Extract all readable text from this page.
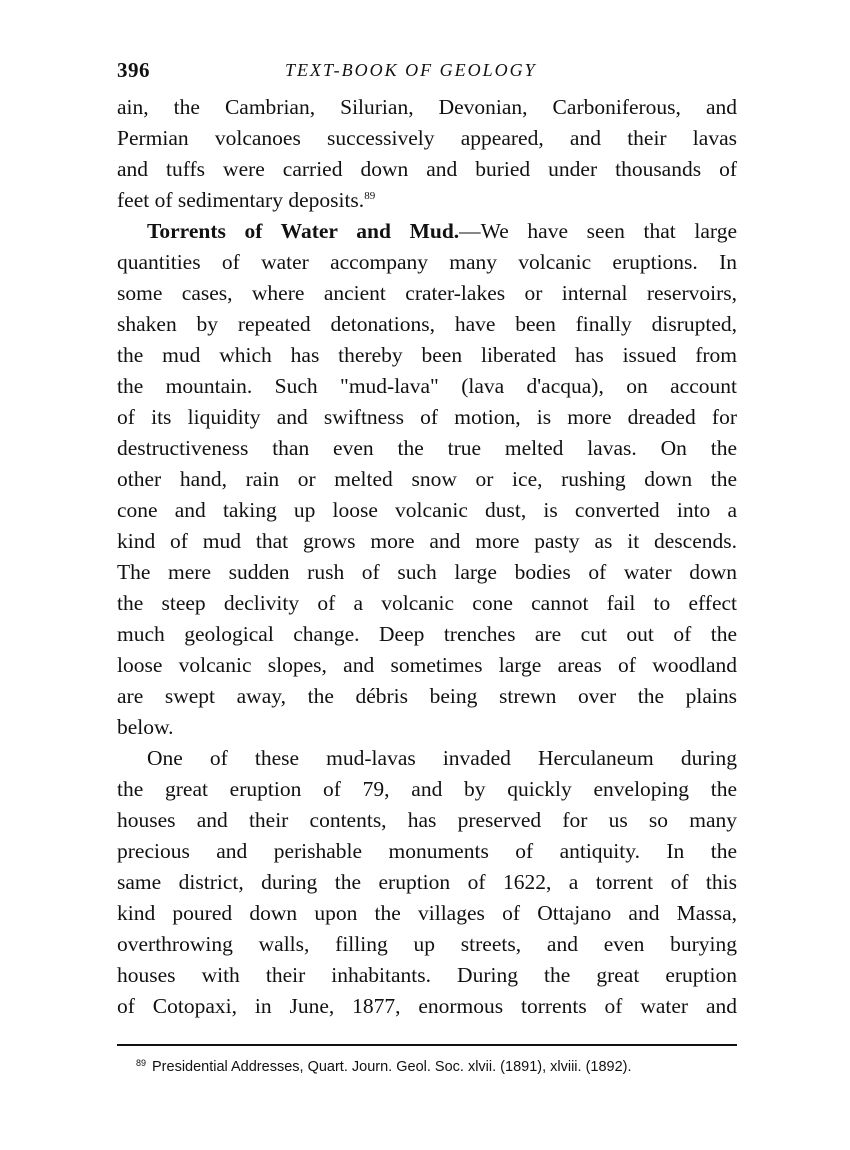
396	TEXT-BOOK OF GEOLOGY
ain, the Cambrian, Silurian, Devonian, Carboniferous, and
Permian volcanoes successively appeared, and their lavas
and tuffs were carried down and buried under thousands of
feet of sedimentary deposits.$^{89}$
Torrents of Water and Mud.—We have seen that large
quantities of water accompany many volcanic eruptions. In
some cases, where ancient crater-lakes or internal reservoirs,
shaken by repeated detonations, have been finally disrupted,
the mud which has thereby been liberated has issued from
the mountain. Such "mud-lava" (lava d'acqua), on account
of its liquidity and swiftness of motion, is more dreaded for
destructiveness than even the true melted lavas. On the
other hand, rain or melted snow or ice, rushing down the
cone and taking up loose volcanic dust, is converted into a
kind of mud that grows more and more pasty as it descends.
The mere sudden rush of such large bodies of water down
the steep declivity of a volcanic cone cannot fail to effect
much geological change. Deep trenches are cut out of the
loose volcanic slopes, and sometimes large areas of woodland
are swept away, the débris being strewn over the plains
below.
One of these mud-lavas invaded Herculaneum during
the great eruption of 79, and by quickly enveloping the
houses and their contents, has preserved for us so many
precious and perishable monuments of antiquity. In the
same district, during the eruption of 1622, a torrent of this
kind poured down upon the villages of Ottajano and Massa,
overthrowing walls, filling up streets, and even burying
houses with their inhabitants. During the great eruption
of Cotopaxi, in June, 1877, enormous torrents of water and
$^{89}$ Presidential Addresses, Quart. Journ. Geol. Soc. xlvii. (1891), xlviii. (1892).
